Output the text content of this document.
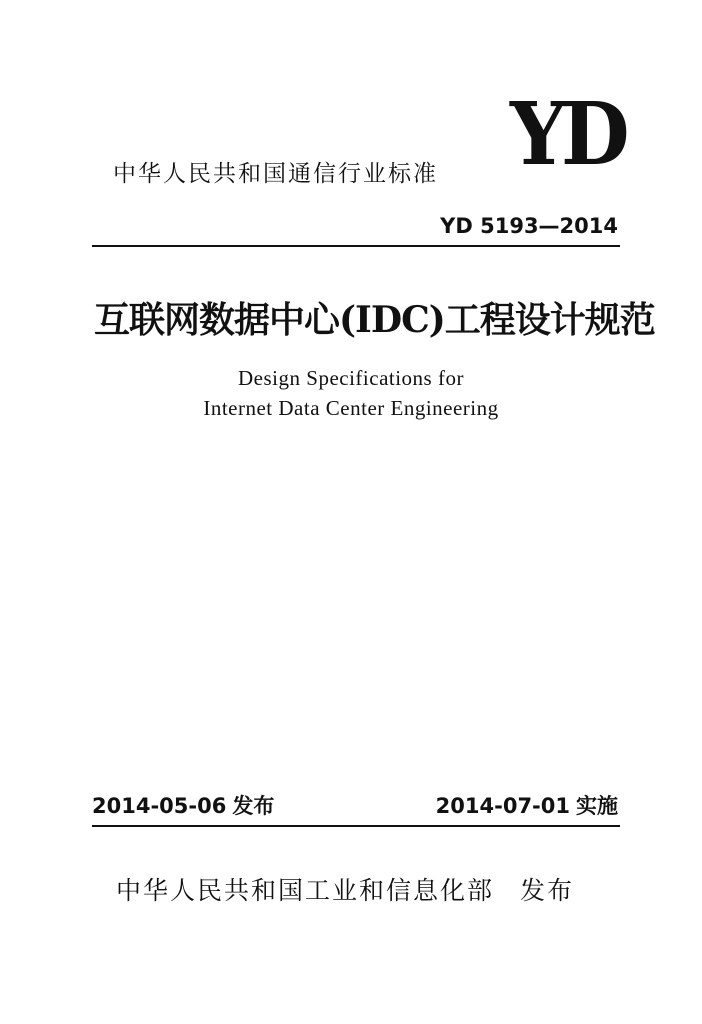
中华人民共和国通信行业标准 YD
YD 5193—2014
互联网数据中心(IDC)工程设计规范
Design Specifications for
Internet Data Center Engineering
2014-05-06 发布	2014-07-01 实施
中华人民共和国工业和信息化部 发布
